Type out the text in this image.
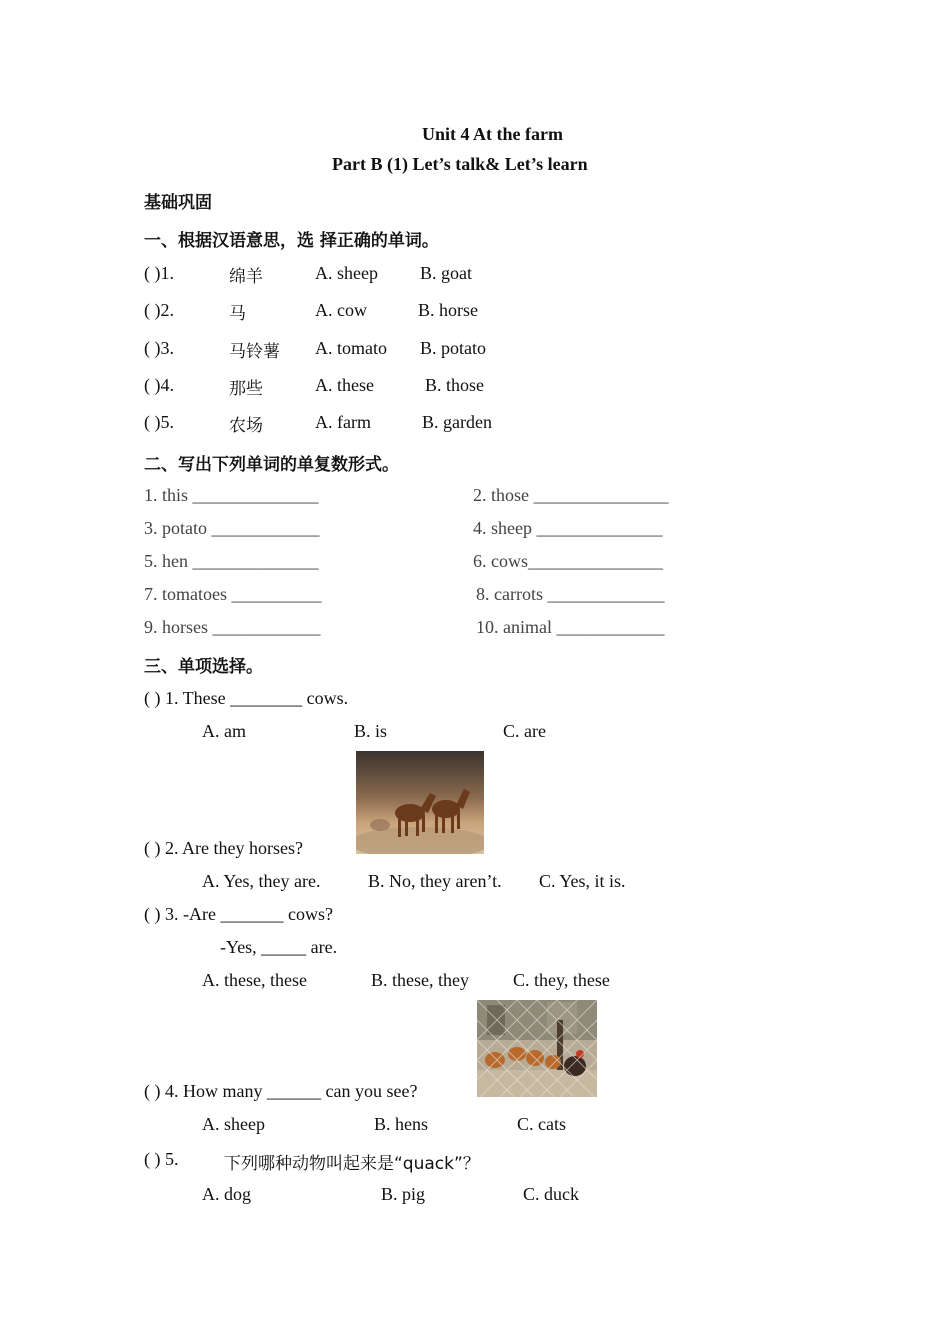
Unit 4 At the farm
Part B (1) Let’s talk& Let’s learn
基础巩固
一、根据汉语意思，选 择正确的单词。
( )1.	绵羊	A. sheep B. goat
( )2.	马	A. cow	B. horse
( )3.	马铃薯 A. tomato B. potato
( )4.	那些	A. these	B. those
( )5.	农场	A. farm	B. garden
二、写出下列单词的单复数形式。
1. this ______________	2. those _______________
3. potato ____________	4. sheep ______________
5. hen ______________	6. cows_______________
7. tomatoes __________	8. carrots _____________
9. horses ____________	10. animal ____________
三、单项选择。
( ) 1. These ________ cows.
A. am	B. is	C. are
( ) 2. Are they horses?
A. Yes, they are.	B. No, they aren’t. C. Yes, it is.
( ) 3. -Are _______ cows?
-Yes, _____ are.
A. these, these	B. these, they C. they, these
( ) 4. How many ______ can you see?
A. sheep	B. hens	C. cats
( ) 5.	下列哪种动物叫起来是“quack”？
A. dog	B. pig	C. duck
